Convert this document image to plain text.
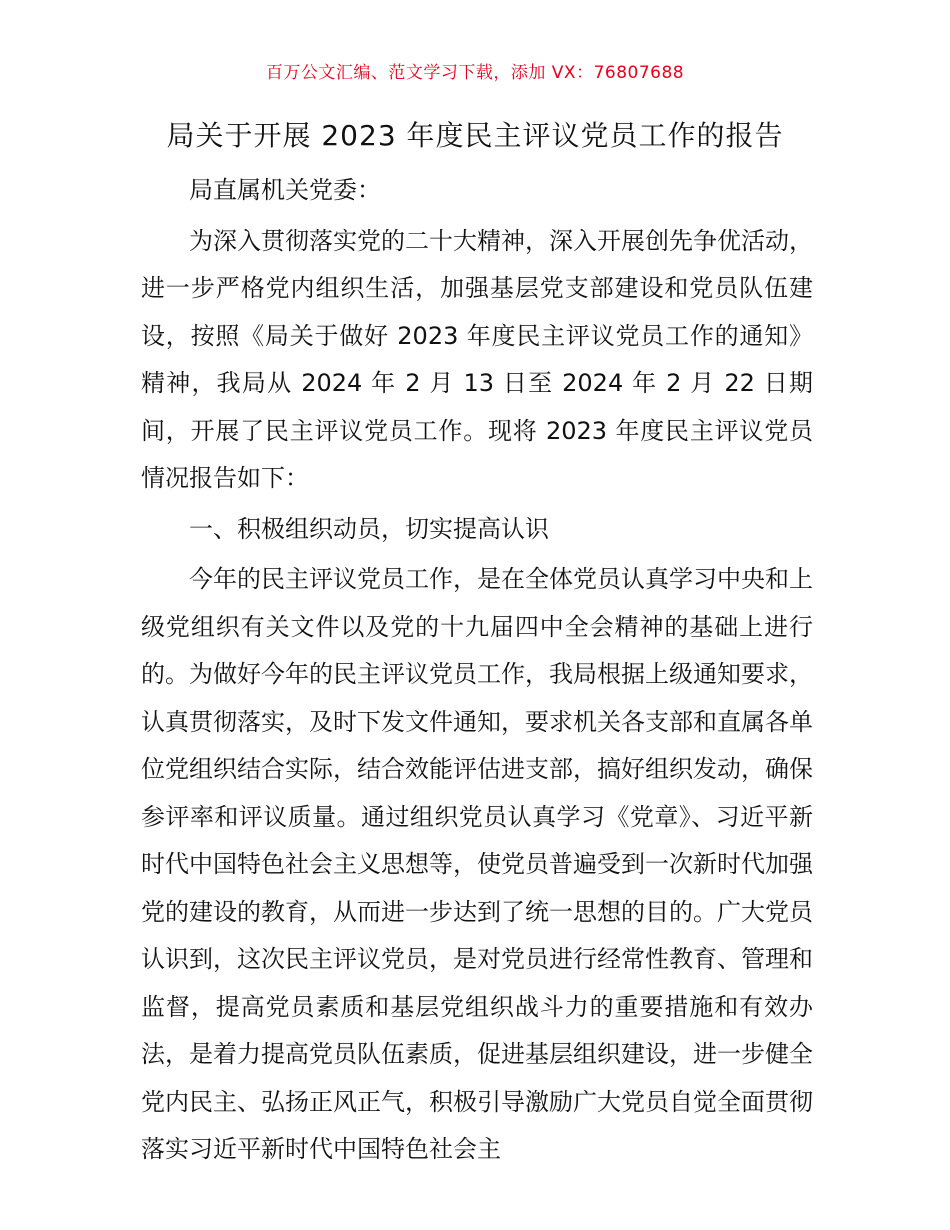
百万公文汇编、范文学习下载，添加 VX：76807688
局关于开展 2023 年度民主评议党员工作的报告

局直属机关党委：

为深入贯彻落实党的二十大精神，深入开展创先争优活动，进一步严格党内组织生活，加强基层党支部建设和党员队伍建设，按照《局关于做好 2023 年度民主评议党员工作的通知》精神，我局从 2024 年 2 月 13 日至 2024 年 2 月 22 日期间，开展了民主评议党员工作。现将 2023 年度民主评议党员情况报告如下：

一、积极组织动员，切实提高认识

今年的民主评议党员工作，是在全体党员认真学习中央和上级党组织有关文件以及党的十九届四中全会精神的基础上进行的。为做好今年的民主评议党员工作，我局根据上级通知要求，认真贯彻落实，及时下发文件通知，要求机关各支部和直属各单位党组织结合实际，结合效能评估进支部，搞好组织发动，确保参评率和评议质量。通过组织党员认真学习《党章》、习近平新时代中国特色社会主义思想等，使党员普遍受到一次新时代加强党的建设的教育，从而进一步达到了统一思想的目的。广大党员认识到，这次民主评议党员，是对党员进行经常性教育、管理和监督，提高党员素质和基层党组织战斗力的重要措施和有效办法，是着力提高党员队伍素质，促进基层组织建设，进一步健全党内民主、弘扬正风正气，积极引导激励广大党员自觉全面贯彻落实习近平新时代中国特色社会主
